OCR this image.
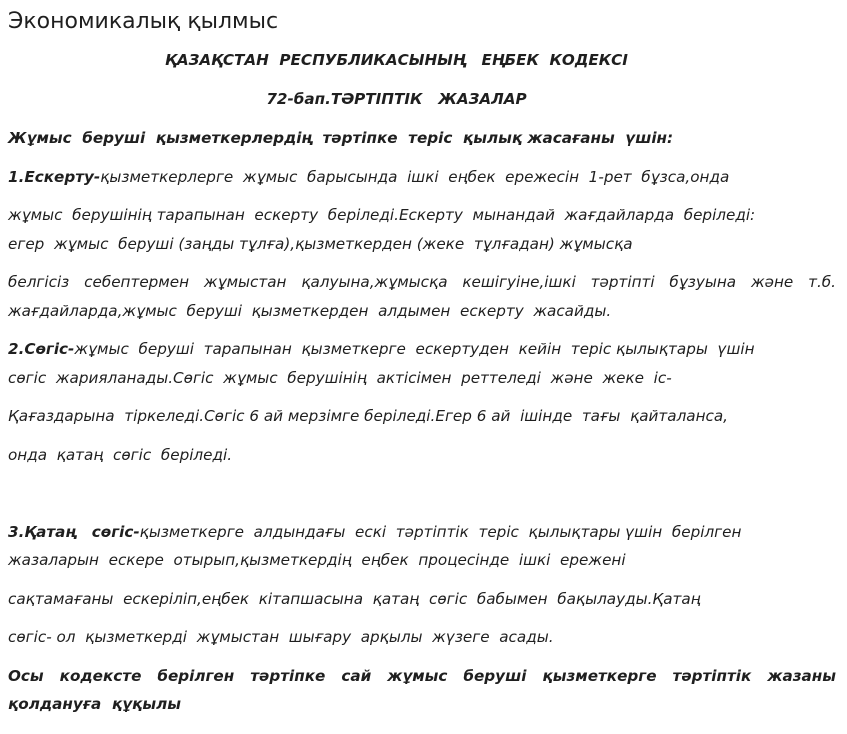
Экономикалық қылмыс
ҚАЗАҚСТАН  РЕСПУБЛИКАСЫНЫҢ   ЕҢБЕК  КОДЕКСІ
72-бап.ТӘРТІПТІК   ЖАЗАЛАР
Жұмыс  беруші  қызметкерлердің  тәртіпке  теріс  қылық жасағаны  үшін:
1.Ескерту-қызметкерлерге  жұмыс  барысында  ішкі  еңбек  ережесін  1-рет  бұзса,онда
жұмыс  берушінің тарапынан  ескерту  беріледі.Ескерту  мынандай  жағдайларда  беріледі:
егер  жұмыс  беруші (заңды тұлға),қызметкерден (жеке  тұлғадан) жұмысқа
белгісіз  себептермен  жұмыстан  қалуына,жұмысқа  кешігуіне,ішкі  тәртіпті  бұзуына  және  т.б.
жағдайларда,жұмыс  беруші  қызметкерден  алдымен  ескерту  жасайды.
2.Сөгіс-жұмыс  беруші  тарапынан  қызметкерге  ескертуден  кейін  теріс қылықтары  үшін
сөгіс  жарияланады.Сөгіс  жұмыс  берушінің  актісімен  реттеледі  және  жеке  іс-
Қағаздарына  тіркеледі.Сөгіс 6 ай мерзімге беріледі.Егер 6 ай  ішінде  тағы  қайталанса,
онда  қатаң  сөгіс  беріледі.
3.Қатаң   сөгіс-қызметкерге  алдындағы  ескі  тәртіптік  теріс  қылықтары үшін  берілген
жазаларын  ескере  отырып,қызметкердің  еңбек  процесінде  ішкі  ережені
сақтамағаны  ескеріліп,еңбек  кітапшасына  қатаң  сөгіс  бабымен  бақылауды.Қатаң
сөгіс- ол  қызметкерді  жұмыстан  шығару  арқылы  жүзеге  асады.
Осы  кодексте  берілген  тәртіпке  сай  жұмыс  беруші  қызметкерге  тәртіптік  жазаны
қолдануға  құқылы
